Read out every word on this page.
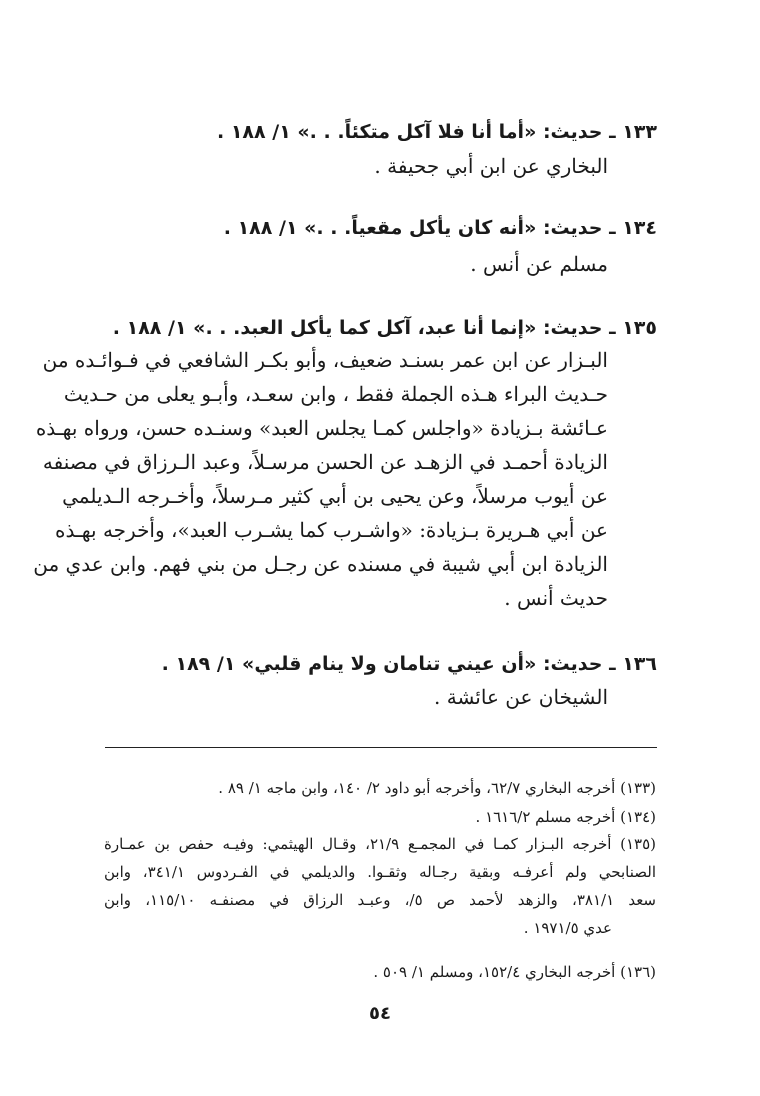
١٣٣ ـ حديث: «أما أنا فلا آكل متكئاً. . .» ١/ ١٨٨ .
البخاري عن ابن أبي جحيفة .
١٣٤ ـ حديث: «أنه كان يأكل مقعياً. . .» ١/ ١٨٨ .
مسلم عن أنس .
١٣٥ ـ حديث: «إنما أنا عبد، آكل كما يأكل العبد. . .» ١/ ١٨٨ .
البـزار عن ابن عمر بسنـد ضعيف، وأبو بكـر الشافعي في فـوائـده من
حـديث البراء هـذه الجملة فقط ، وابن سعـد، وأبـو يعلى من حـديث
عـائشة بـزيادة «واجلس كمـا يجلس العبد» وسنـده حسن، ورواه بهـذه
الزيادة أحمـد في الزهـد عن الحسن مرسـلاً، وعبد الـرزاق في مصنفه
عن أيوب مرسلاً، وعن يحيى بن أبي كثير مـرسلاً، وأخـرجه الـديلمي
عن أبي هـريرة بـزيادة: «واشـرب كما يشـرب العبد»، وأخرجه بهـذه
الزيادة ابن أبي شيبة في مسنده عن رجـل من بني فهم. وابن عدي من
حديث أنس .
١٣٦ ـ حديث: «أن عيني تنامان ولا ينام قلبي» ١/ ١٨٩ .
الشيخان عن عائشة .
(١٣٣) أخرجه البخاري ٦٢/٧، وأخرجه أبو داود ٢/ ١٤٠، وابن ماجه ١/ ٨٩ .
(١٣٤) أخرجه مسلم ١٦١٦/٢ .
(١٣٥) أخرجه البـزار كمـا في المجمـع ٢١/٩، وقـال الهيثمي: وفيـه حفص بن عمـارة
الصنابحي ولم أعرفـه وبقية رجـاله وثقـوا. والديلمي في الفـردوس ٣٤١/١، وابن
سعد ٣٨١/١، والزهد لأحمد ص ٥/، وعبـد الرزاق في مصنفـه ١١٥/١٠، وابن
عدي ١٩٧١/٥ .
(١٣٦) أخرجه البخاري ١٥٢/٤، ومسلم ١/ ٥٠٩ .
٥٤
